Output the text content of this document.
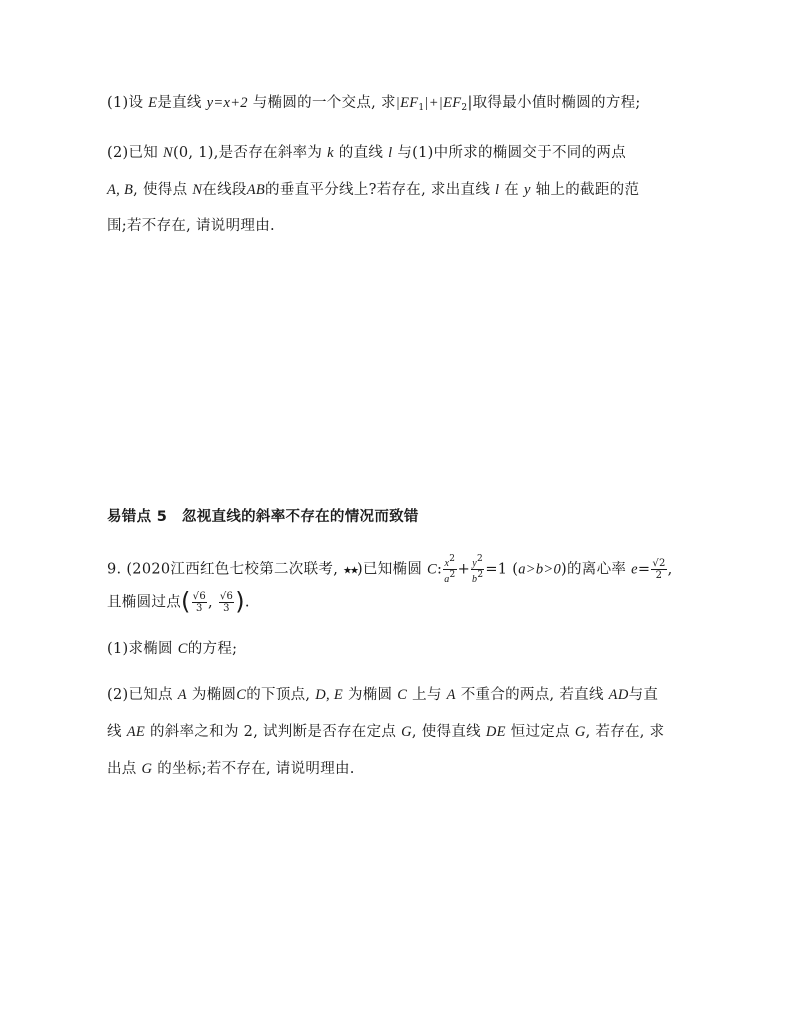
(1)设 E是直线 y=x+2 与椭圆的一个交点, 求$|EF_1|+|EF_2|$取得最小值时椭圆的方程;
(2)已知 N(0, 1),是否存在斜率为 k 的直线 l 与(1)中所求的椭圆交于不同的两点
A, B, 使得点 N在线段AB的垂直平分线上?若存在, 求出直线 l 在 y 轴上的截距的范
围;若不存在, 请说明理由.
易错点 5　忽视直线的斜率不存在的情况而致错
9. (2020江西红色七校第二次联考, ★★)已知椭圆 C: $\frac{x2}{a2} + \frac{y2}{b2} =1$ (a>b>0)的离心率 $e= \frac{√2}{2}$ ,
且椭圆过点( $\frac{√6}{3}$ , $\frac{√6}{3}$ ).
(1)求椭圆 C的方程;
(2)已知点 A 为椭圆C的下顶点, D, E 为椭圆 C 上与 A 不重合的两点, 若直线 AD与直
线 AE 的斜率之和为 2, 试判断是否存在定点 G, 使得直线 DE 恒过定点 G, 若存在, 求
出点 G 的坐标;若不存在, 请说明理由.
